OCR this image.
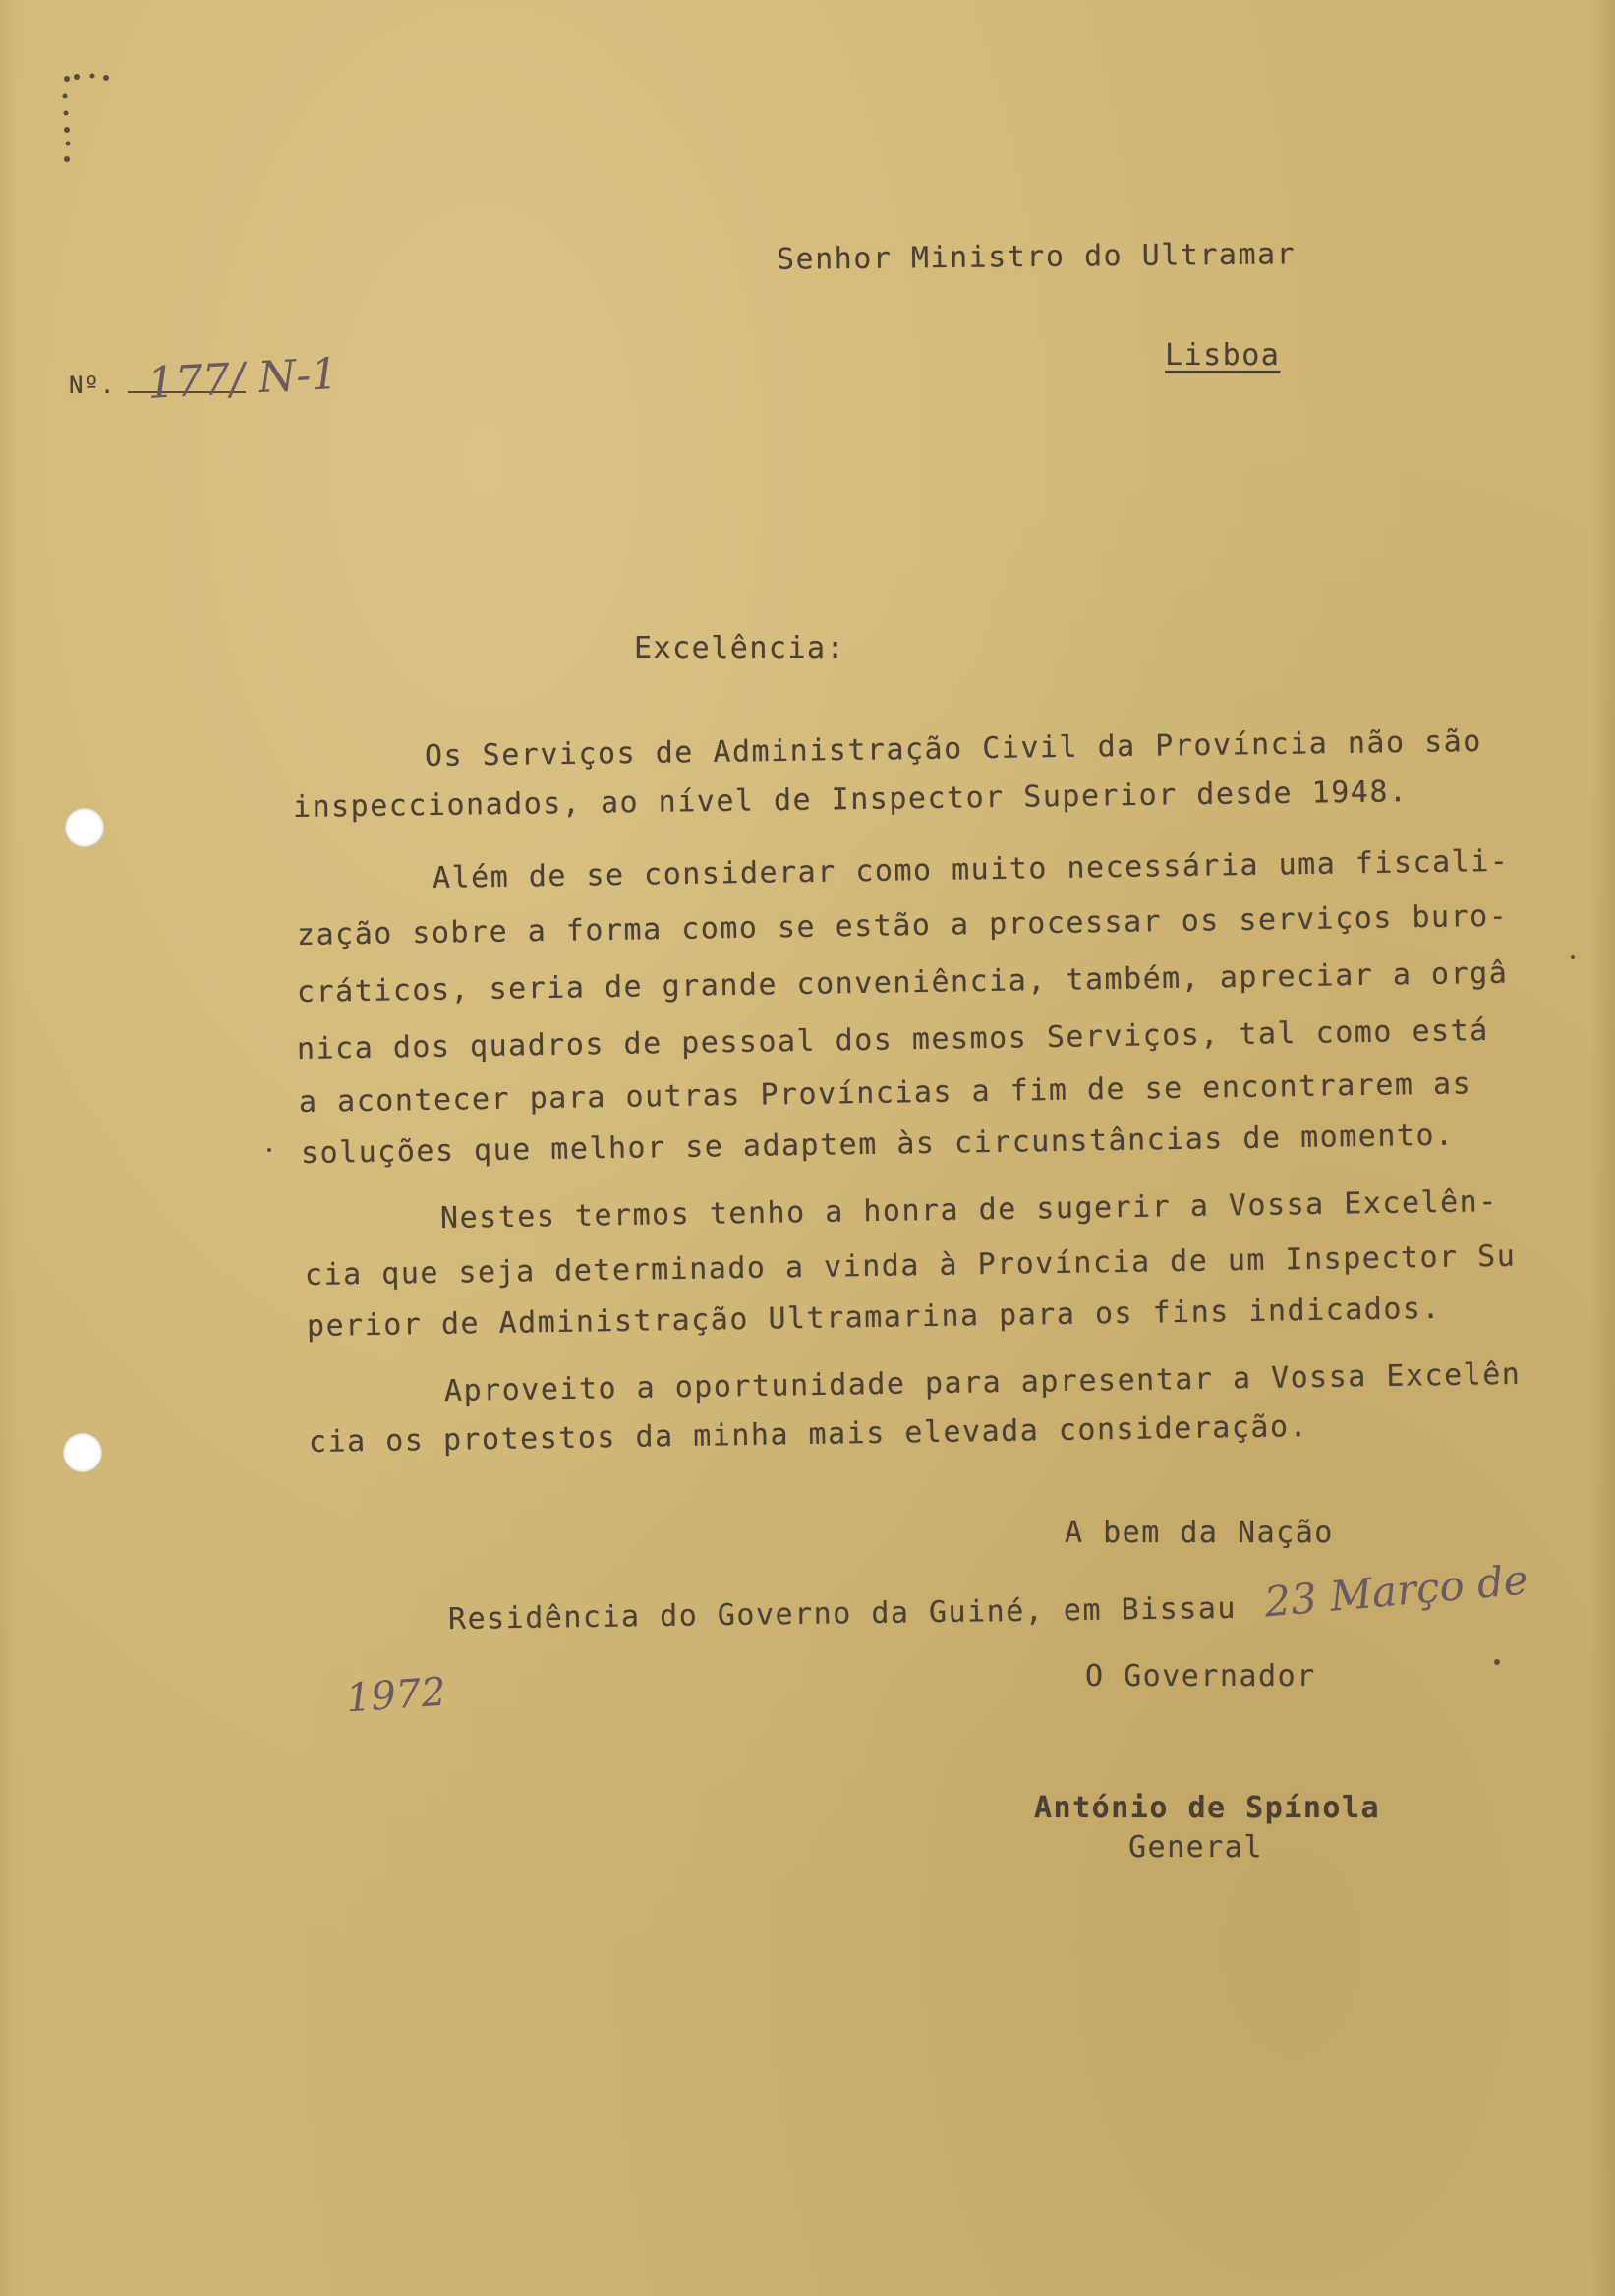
Senhor Ministro do Ultramar
Lisboa
Nº. 177/ N-1
Excelência:
Os Serviços de Administração Civil da Província não são
inspeccionados, ao nível de Inspector Superior desde 1948.
Além de se considerar como muito necessária uma fiscali-
zação sobre a forma como se estão a processar os serviços buro-
cráticos, seria de grande conveniência, também, apreciar a orgâ
nica dos quadros de pessoal dos mesmos Serviços, tal como está
a acontecer para outras Províncias a fim de se encontrarem as
soluções que melhor se adaptem às circunstâncias de momento.
Nestes termos tenho a honra de sugerir a Vossa Excelên-
cia que seja determinado a vinda à Província de um Inspector Su
perior de Administração Ultramarina para os fins indicados.
Aproveito a oportunidade para apresentar a Vossa Excelên
cia os protestos da minha mais elevada consideração.
A bem da Nação
Residência do Governo da Guiné, em Bissau 23 Março de
1972	O Governador
António de Spínola
General
